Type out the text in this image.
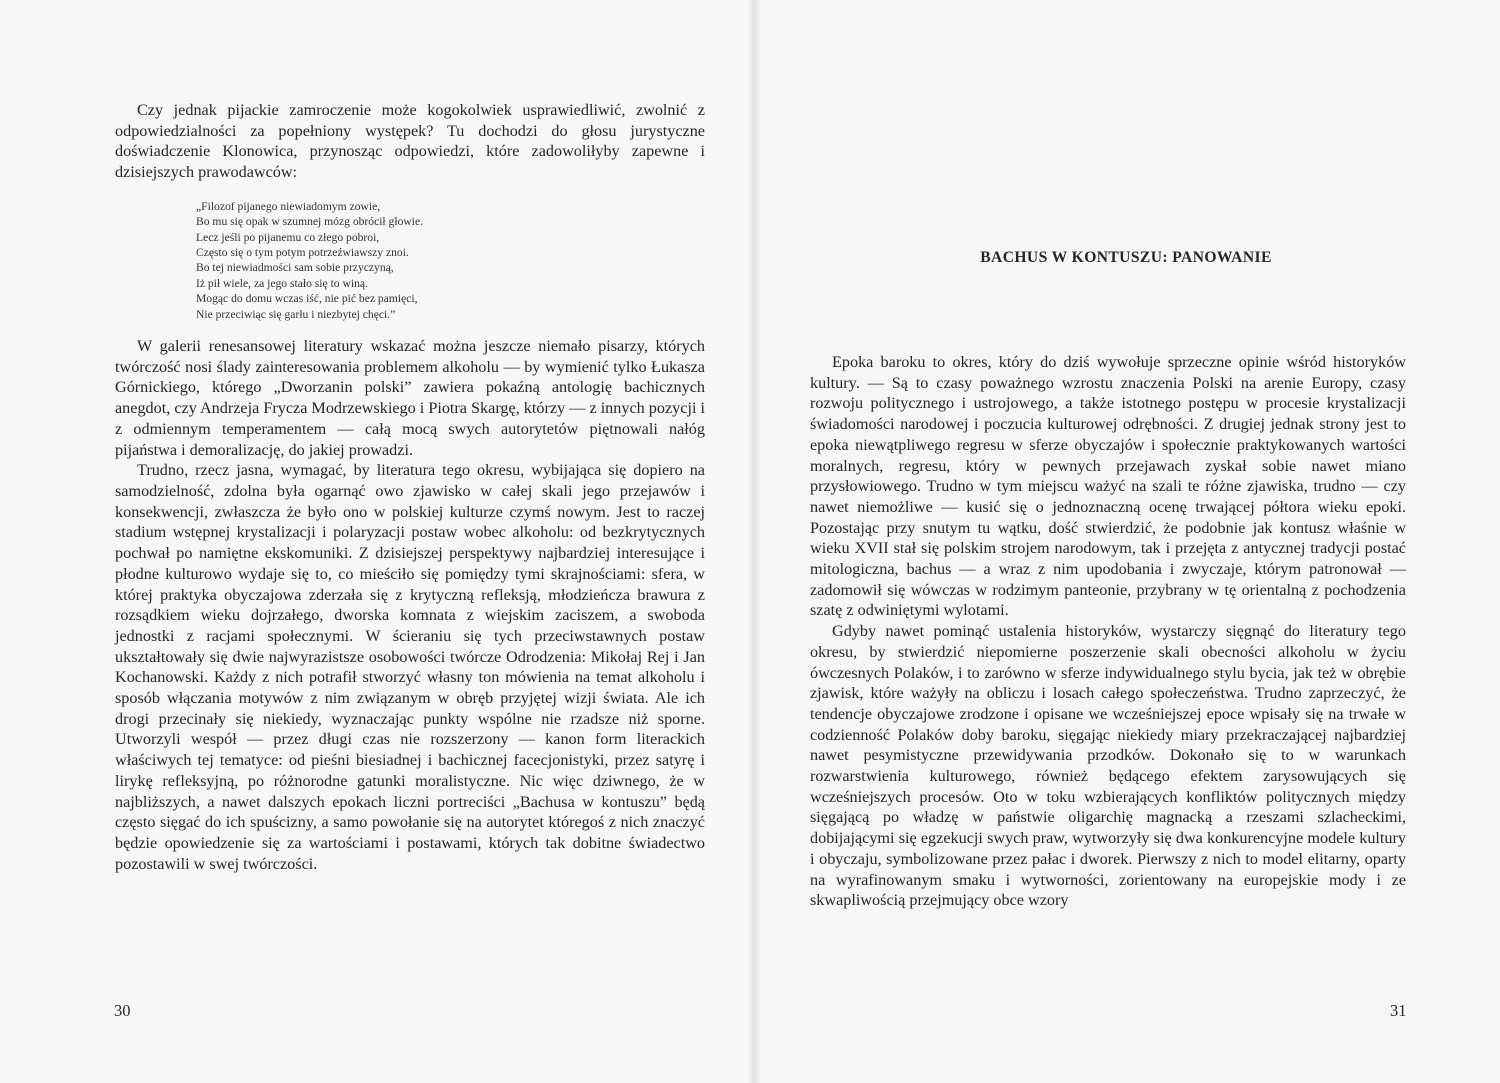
Czy jednak pijackie zamroczenie może kogokolwiek usprawiedliwić, zwolnić z odpowiedzialności za popełniony występek? Tu dochodzi do głosu jurystyczne doświadczenie Klonowica, przynosząc odpowiedzi, które zadowoliłyby zapewne i dzisiejszych prawodawców:

„Filozof pijanego niewiadomym zowie,
Bo mu się opak w szumnej mózg obrócił głowie.
Lecz jeśli po pijanemu co złego pobroi,
Często się o tym potym potrzeźwiawszy znoi.
Bo tej niewiadmości sam sobie przyczyną,
Iż pił wiele, za jego stało się to winą.
Mogąc do domu wczas iść, nie pić bez pamięci,
Nie przeciwiąc się garłu i niezbytej chęci.”

W galerii renesansowej literatury wskazać można jeszcze niemało pisarzy, których twórczość nosi ślady zainteresowania problemem alkoholu — by wymienić tylko Łukasza Górnickiego, którego „Dworzanin polski” zawiera pokaźną antologię bachicznych anegdot, czy Andrzeja Frycza Modrzewskiego i Piotra Skargę, którzy — z innych pozycji i z odmiennym temperamentem — całą mocą swych autorytetów piętnowali nałóg pijaństwa i demoralizację, do jakiej prowadzi.

Trudno, rzecz jasna, wymagać, by literatura tego okresu, wybijająca się dopiero na samodzielność, zdolna była ogarnąć owo zjawisko w całej skali jego przejawów i konsekwencji, zwłaszcza że było ono w polskiej kulturze czymś nowym. Jest to raczej stadium wstępnej krystalizacji i polaryzacji postaw wobec alkoholu: od bezkrytycznych pochwał po namiętne ekskomuniki. Z dzisiejszej perspektywy najbardziej interesujące i płodne kulturowo wydaje się to, co mieściło się pomiędzy tymi skrajnościami: sfera, w której praktyka obyczajowa zderzała się z krytyczną refleksją, młodzieńcza brawura z rozsądkiem wieku dojrzałego, dworska komnata z wiejskim zaciszem, a swoboda jednostki z racjami społecznymi. W ścieraniu się tych przeciwstawnych postaw ukształtowały się dwie najwyrazistsze osobowości twórcze Odrodzenia: Mikołaj Rej i Jan Kochanowski. Każdy z nich potrafił stworzyć własny ton mówienia na temat alkoholu i sposób włączania motywów z nim związanym w obręb przyjętej wizji świata. Ale ich drogi przecinały się niekiedy, wyznaczając punkty wspólne nie rzadsze niż sporne. Utworzyli wespół — przez długi czas nie rozszerzony — kanon form literackich właściwych tej tematyce: od pieśni biesiadnej i bachicznej facecjonistyki, przez satyrę i lirykę refleksyjną, po różnorodne gatunki moralistyczne. Nic więc dziwnego, że w najbliższych, a nawet dalszych epokach liczni portreciści „Bachusa w kontuszu” będą często sięgać do ich spuścizny, a samo powołanie się na autorytet któregoś z nich znaczyć będzie opowiedzenie się za wartościami i postawami, których tak dobitne świadectwo pozostawili w swej twórczości.

30
BACHUS W KONTUSZU: PANOWANIE

Epoka baroku to okres, który do dziś wywołuje sprzeczne opinie wśród historyków kultury. — Są to czasy poważnego wzrostu znaczenia Polski na arenie Europy, czasy rozwoju politycznego i ustrojowego, a także istotnego postępu w procesie krystalizacji świadomości narodowej i poczucia kulturowej odrębności. Z drugiej jednak strony jest to epoka niewątpliwego regresu w sferze obyczajów i społecznie praktykowanych wartości moralnych, regresu, który w pewnych przejawach zyskał sobie nawet miano przysłowiowego. Trudno w tym miejscu ważyć na szali te różne zjawiska, trudno — czy nawet niemożliwe — kusić się o jednoznaczną ocenę trwającej półtora wieku epoki. Pozostając przy snutym tu wątku, dość stwierdzić, że podobnie jak kontusz właśnie w wieku XVII stał się polskim strojem narodowym, tak i przejęta z antycznej tradycji postać mitologiczna, bachus — a wraz z nim upodobania i zwyczaje, którym patronował — zadomowił się wówczas w rodzimym panteonie, przybrany w tę orientalną z pochodzenia szatę z odwiniętymi wylotami.

Gdyby nawet pominąć ustalenia historyków, wystarczy sięgnąć do literatury tego okresu, by stwierdzić niepomierne poszerzenie skali obecności alkoholu w życiu ówczesnych Polaków, i to zarówno w sferze indywidualnego stylu bycia, jak też w obrębie zjawisk, które ważyły na obliczu i losach całego społeczeństwa. Trudno zaprzeczyć, że tendencje obyczajowe zrodzone i opisane we wcześniejszej epoce wpisały się na trwałe w codzienność Polaków doby baroku, sięgając niekiedy miary przekraczającej najbardziej nawet pesymistyczne przewidywania przodków. Dokonało się to w warunkach rozwarstwienia kulturowego, również będącego efektem zarysowujących się wcześniejszych procesów. Oto w toku wzbierających konfliktów politycznych między sięgającą po władzę w państwie oligarchię magnacką a rzeszami szlacheckimi, dobijającymi się egzekucji swych praw, wytworzyły się dwa konkurencyjne modele kultury i obyczaju, symbolizowane przez pałac i dworek. Pierwszy z nich to model elitarny, oparty na wyrafinowanym smaku i wytworności, zorientowany na europejskie mody i ze skwapliwością przejmujący obce wzory

31
